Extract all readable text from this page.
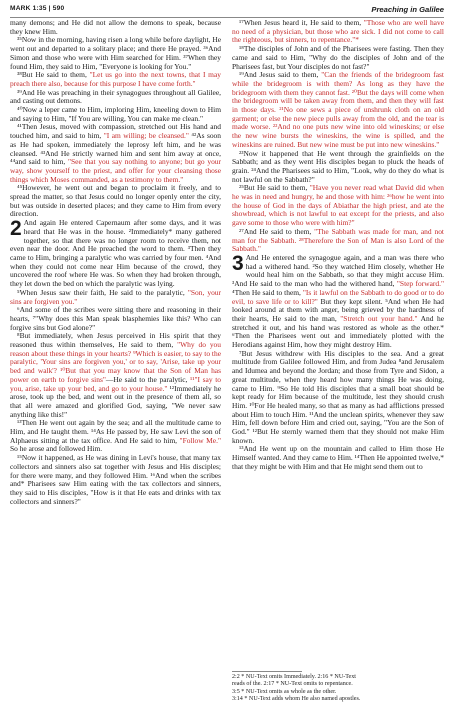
MARK 1:35 | 590	Preaching in Galilee

many demons; and He did not allow the demons to speak, because they knew Him.

³⁵Now in the morning, having risen a long while before daylight, He went out and departed to a solitary place; and there He prayed. ³⁶And Simon and those who were with Him searched for Him. ³⁷When they found Him, they said to Him, "Everyone is looking for You."

³⁸But He said to them, "Let us go into the next towns, that I may preach there also, because for this purpose I have come forth."

³⁹And He was preaching in their synagogues throughout all Galilee, and casting out demons.

⁴⁰Now a leper came to Him, imploring Him, kneeling down to Him and saying to Him, "If You are willing, You can make me clean."

⁴¹Then Jesus, moved with compassion, stretched out His hand and touched him, and said to him, "I am willing; be cleansed." ⁴²As soon as He had spoken, immediately the leprosy left him, and he was cleansed. ⁴³And He strictly warned him and sent him away at once, ⁴⁴and said to him, "See that you say nothing to anyone; but go your way, show yourself to the priest, and offer for your cleansing those things which Moses commanded, as a testimony to them."

⁴⁵However, he went out and began to proclaim it freely, and to spread the matter, so that Jesus could no longer openly enter the city, but was outside in deserted places; and they came to Him from every direction.

2 And again He entered Capernaum after some days, and it was heard that He was in the house. ²Immediately* many gathered together, so that there was no longer room to receive them, not even near the door. And He preached the word to them. ³Then they came to Him, bringing a paralytic who was carried by four men. ⁴And when they could not come near Him because of the crowd, they uncovered the roof where He was. So when they had broken through, they let down the bed on which the paralytic was lying.

⁵When Jesus saw their faith, He said to the paralytic, "Son, your sins are forgiven you."

⁶And some of the scribes were sitting there and reasoning in their hearts, ⁷"Why does this Man speak blasphemies like this? Who can forgive sins but God alone?"

⁸But immediately, when Jesus perceived in His spirit that they reasoned thus within themselves, He said to them, "Why do you reason about these things in your hearts? ⁹Which is easier, to say to the paralytic, 'Your sins are forgiven you,' or to say, 'Arise, take up your bed and walk'? ¹⁰But that you may know that the Son of Man has power on earth to forgive sins"—He said to the paralytic, ¹¹"I say to you, arise, take up your bed, and go to your house." ¹²Immediately he arose, took up the bed, and went out in the presence of them all, so that all were amazed and glorified God, saying, "We never saw anything like this!"

¹³Then He went out again by the sea; and all the multitude came to Him, and He taught them. ¹⁴As He passed by, He saw Levi the son of Alphaeus sitting at the tax office. And He said to him, "Follow Me." So he arose and followed Him.

¹⁵Now it happened, as He was dining in Levi's house, that many tax collectors and sinners also sat together with Jesus and His disciples; for there were many, and they followed Him. ¹⁶And when the scribes and* Pharisees saw Him eating with the tax collectors and sinners, they said to His disciples, "How is it that He eats and drinks with tax collectors and sinners?"

¹⁷When Jesus heard it, He said to them, "Those who are well have no need of a physician, but those who are sick. I did not come to call the righteous, but sinners, to repentance."*

¹⁸The disciples of John and of the Pharisees were fasting. Then they came and said to Him, "Why do the disciples of John and of the Pharisees fast, but Your disciples do not fast?"

¹⁹And Jesus said to them, "Can the friends of the bridegroom fast while the bridegroom is with them? As long as they have the bridegroom with them they cannot fast. ²⁰But the days will come when the bridegroom will be taken away from them, and then they will fast in those days. ²¹No one sews a piece of unshrunk cloth on an old garment; or else the new piece pulls away from the old, and the tear is made worse. ²²And no one puts new wine into old wineskins; or else the new wine bursts the wineskins, the wine is spilled, and the wineskins are ruined. But new wine must be put into new wineskins."

²³Now it happened that He went through the grainfields on the Sabbath; and as they went His disciples began to pluck the heads of grain. ²⁴And the Pharisees said to Him, "Look, why do they do what is not lawful on the Sabbath?"

²⁵But He said to them, "Have you never read what David did when he was in need and hungry, he and those with him: ²⁶how he went into the house of God in the days of Abiathar the high priest, and ate the showbread, which is not lawful to eat except for the priests, and also gave some to those who were with him?"

²⁷And He said to them, "The Sabbath was made for man, and not man for the Sabbath. ²⁸Therefore the Son of Man is also Lord of the Sabbath."

3 And He entered the synagogue again, and a man was there who had a withered hand. ²So they watched Him closely, whether He would heal him on the Sabbath, so that they might accuse Him. ³And He said to the man who had the withered hand, "Step forward." ⁴Then He said to them, "Is it lawful on the Sabbath to do good or to do evil, to save life or to kill?" But they kept silent. ⁵And when He had looked around at them with anger, being grieved by the hardness of their hearts, He said to the man, "Stretch out your hand." And he stretched it out, and his hand was restored as whole as the other.* ⁶Then the Pharisees went out and immediately plotted with the Herodians against Him, how they might destroy Him.

⁷But Jesus withdrew with His disciples to the sea. And a great multitude from Galilee followed Him, and from Judea ⁸and Jerusalem and Idumea and beyond the Jordan; and those from Tyre and Sidon, a great multitude, when they heard how many things He was doing, came to Him. ⁹So He told His disciples that a small boat should be kept ready for Him because of the multitude, lest they should crush Him. ¹⁰For He healed many, so that as many as had afflictions pressed about Him to touch Him. ¹¹And the unclean spirits, whenever they saw Him, fell down before Him and cried out, saying, "You are the Son of God." ¹²But He sternly warned them that they should not make Him known.

¹³And He went up on the mountain and called to Him those He Himself wanted. And they came to Him. ¹⁴Then He appointed twelve,* that they might be with Him and that He might send them out to

2:2 * NU-Text omits Immediately. 2:16 * NU-Text
reads of the. 2:17 * NU-Text omits to repentance.
3:5 * NU-Text omits as whole as the other.
3:14 * NU-Text adds whom He also named apostles.
